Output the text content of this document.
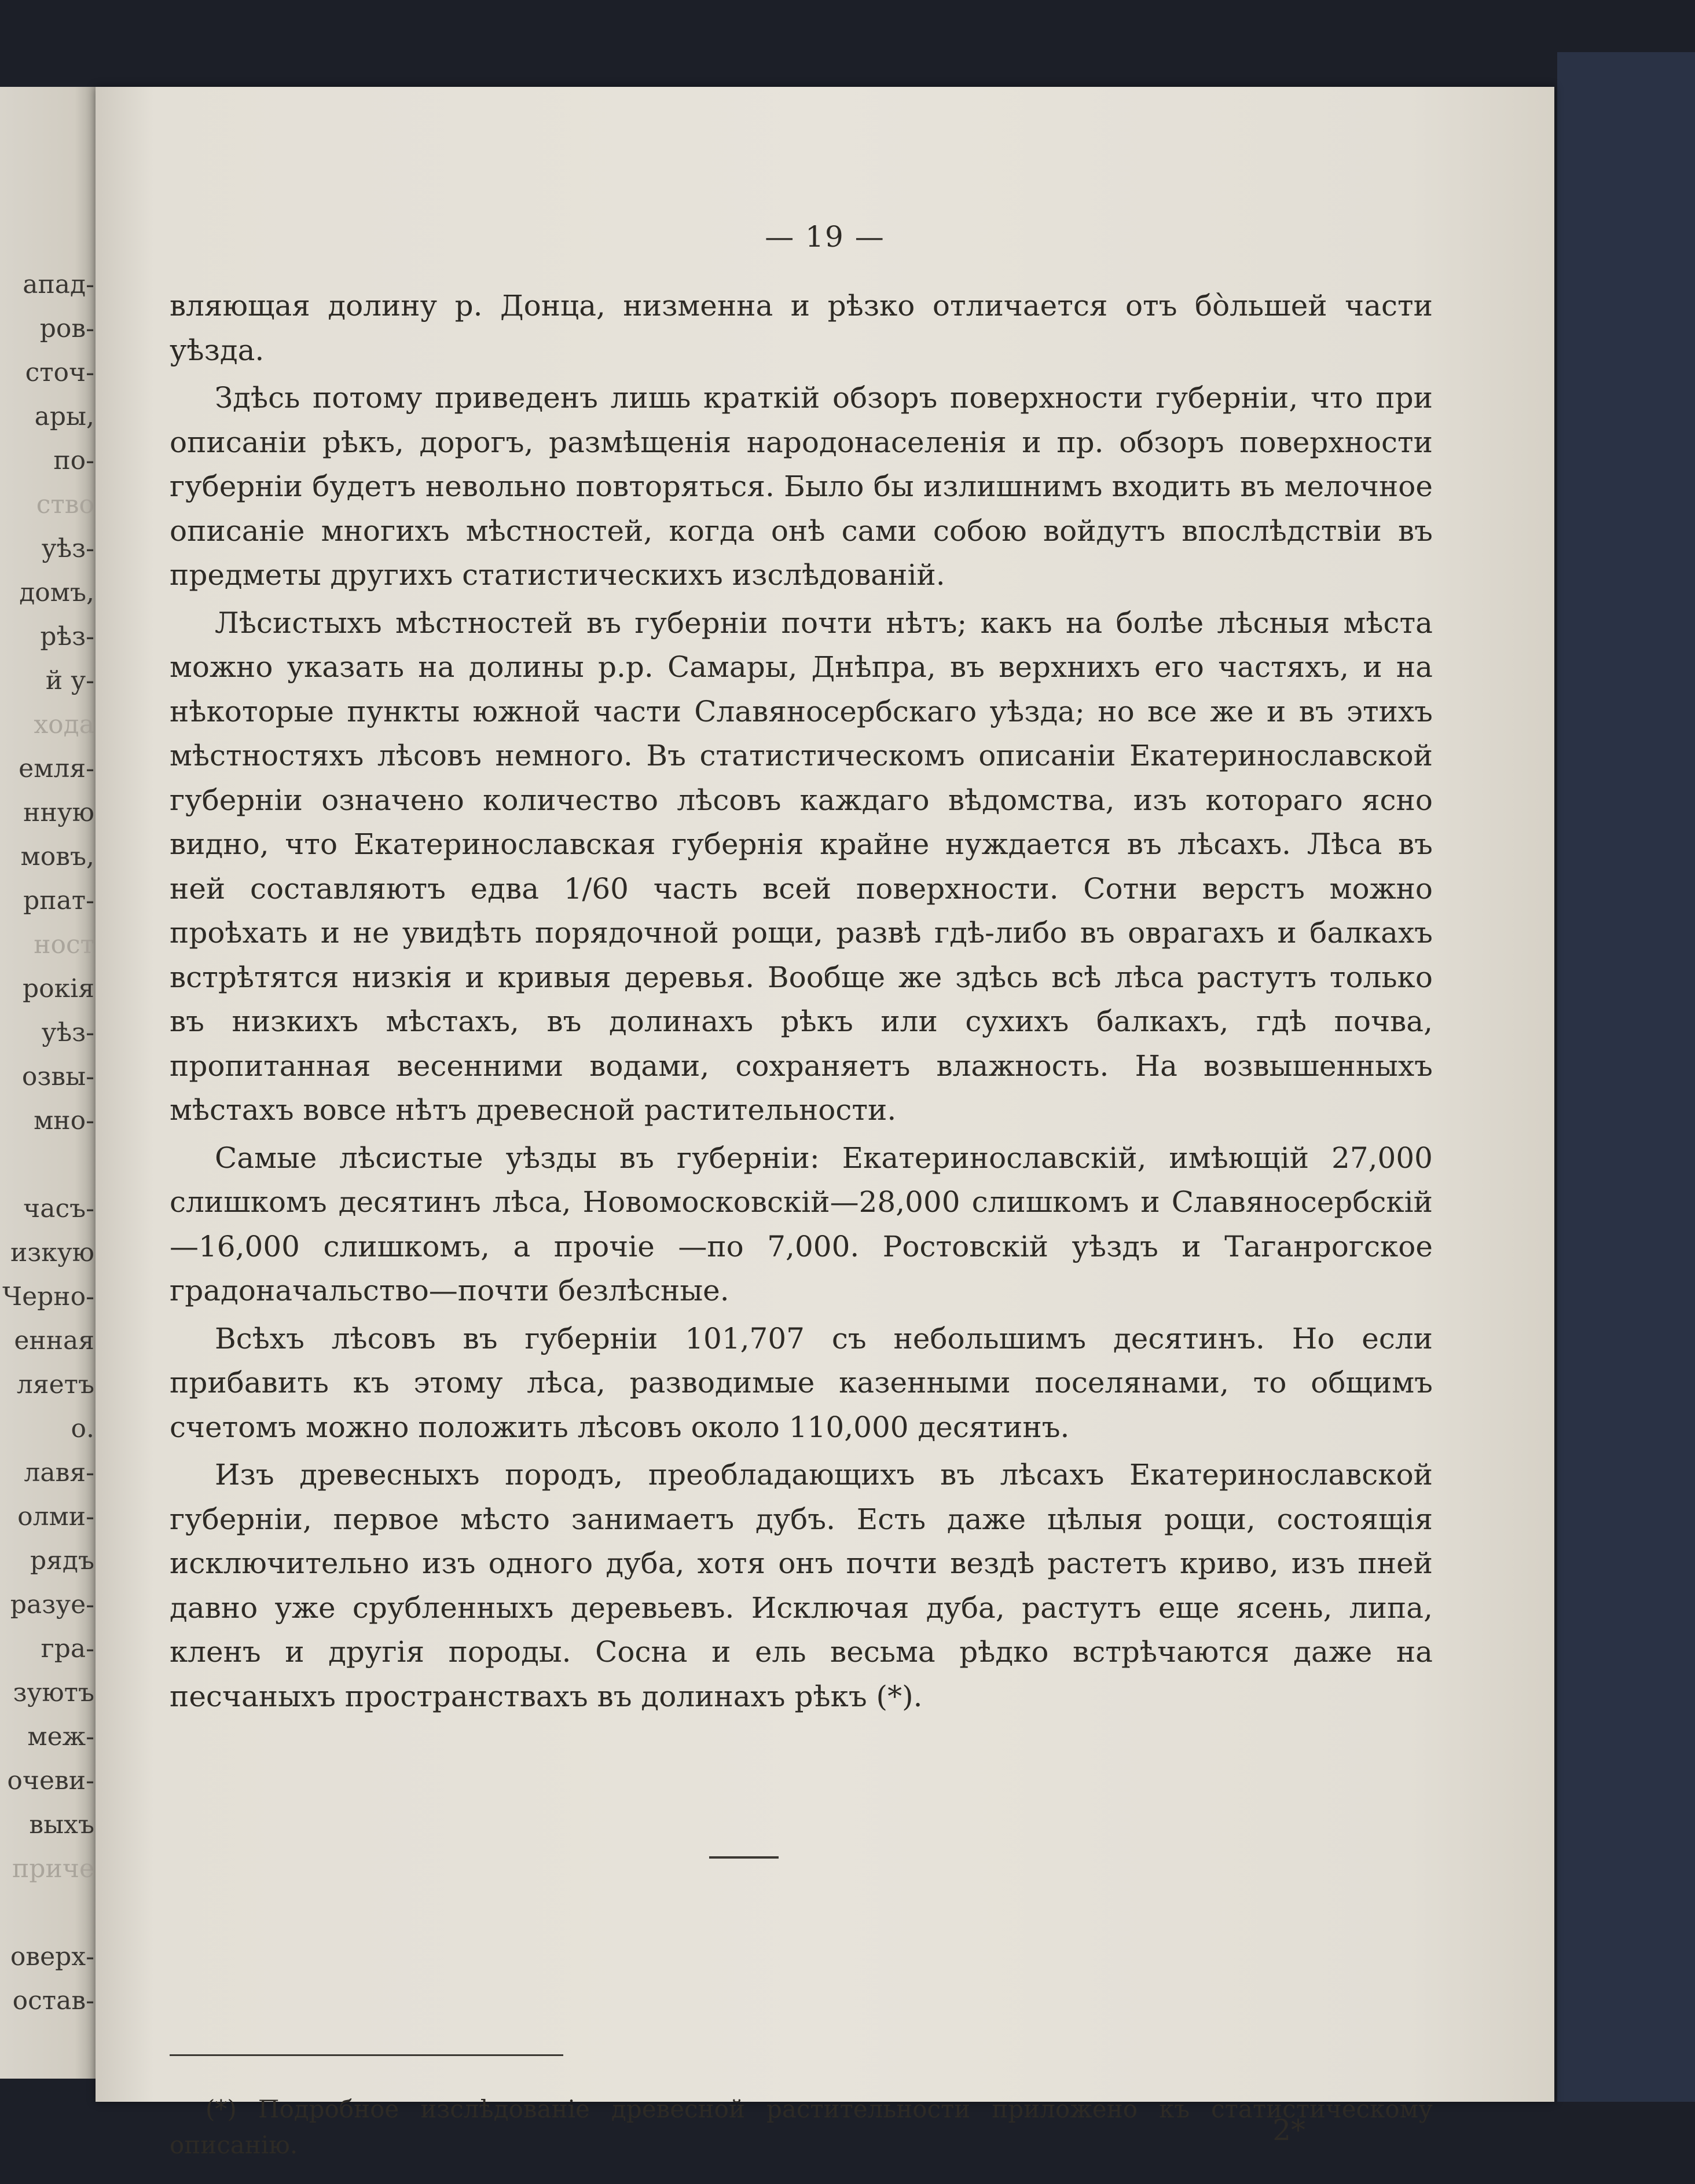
апад-
ров-
сточ-
ары,
по-
ство
уѣз-
домъ,
рѣз-
й у-
хода
емля-
нную
мовъ,
рпат-
ност
рокія
уѣз-
озвы-
мно-
часъ-
изкую
Черно-
енная
ляетъ
о.
лавя-
олми-
рядъ
разуе-
гра-
зуютъ
меж-
очеви-
выхъ
приче
оверх-
остав-
— 19 —

вляющая долину р. Донца, низменна и рѣзко отличается отъ бо̀льшей части уѣзда.

Здѣсь потому приведенъ лишь краткій обзоръ поверхности губерніи, что при описаніи рѣкъ, дорогъ, размѣщенія народонаселенія и пр. обзоръ поверхности губерніи будетъ невольно повторяться. Было бы излишнимъ входить въ мелочное описаніе многихъ мѣстностей, когда онѣ сами собою войдутъ впослѣдствіи въ предметы другихъ статистическихъ изслѣдованій.

Лѣсистыхъ мѣстностей въ губерніи почти нѣтъ; какъ на болѣе лѣсныя мѣста можно указать на долины р.р. Самары, Днѣпра, въ верхнихъ его частяхъ, и на нѣкоторые пункты южной части Славяносербскаго уѣзда; но все же и въ этихъ мѣстностяхъ лѣсовъ немного. Въ статистическомъ описаніи Екатеринославской губерніи означено количество лѣсовъ каждаго вѣдомства, изъ котораго ясно видно, что Екатеринославская губернія крайне нуждается въ лѣсахъ. Лѣса въ ней составляютъ едва 1/60 часть всей поверхности. Сотни верстъ можно проѣхать и не увидѣть порядочной рощи, развѣ гдѣ-либо въ оврагахъ и балкахъ встрѣтятся низкія и кривыя деревья. Вообще же здѣсь всѣ лѣса растутъ только въ низкихъ мѣстахъ, въ долинахъ рѣкъ или сухихъ балкахъ, гдѣ почва, пропитанная весенними водами, сохраняетъ влажность. На возвышенныхъ мѣстахъ вовсе нѣтъ древесной растительности.

Самые лѣсистые уѣзды въ губерніи: Екатеринославскій, имѣющій 27,000 слишкомъ десятинъ лѣса, Новомосковскій—28,000 слишкомъ и Славяносербскій—16,000 слишкомъ, а прочіе —по 7,000. Ростовскій уѣздъ и Таганрогское градоначальство—почти безлѣсные.

Всѣхъ лѣсовъ въ губерніи 101,707 съ небольшимъ десятинъ. Но если прибавить къ этому лѣса, разводимые казенными поселянами, то общимъ счетомъ можно положить лѣсовъ около 110,000 десятинъ.

Изъ древесныхъ породъ, преобладающихъ въ лѣсахъ Екатеринославской губерніи, первое мѣсто занимаетъ дубъ. Есть даже цѣлыя рощи, состоящія исключительно изъ одного дуба, хотя онъ почти вездѣ растетъ криво, изъ пней давно уже срубленныхъ деревьевъ. Исключая дуба, растутъ еще ясень, липа, кленъ и другія породы. Сосна и ель весьма рѣдко встрѣчаются даже на песчаныхъ пространствахъ въ долинахъ рѣкъ (*).

(*) Подробное изслѣдованіе древесной растительности приложено къ статистическому описанію.	2*
